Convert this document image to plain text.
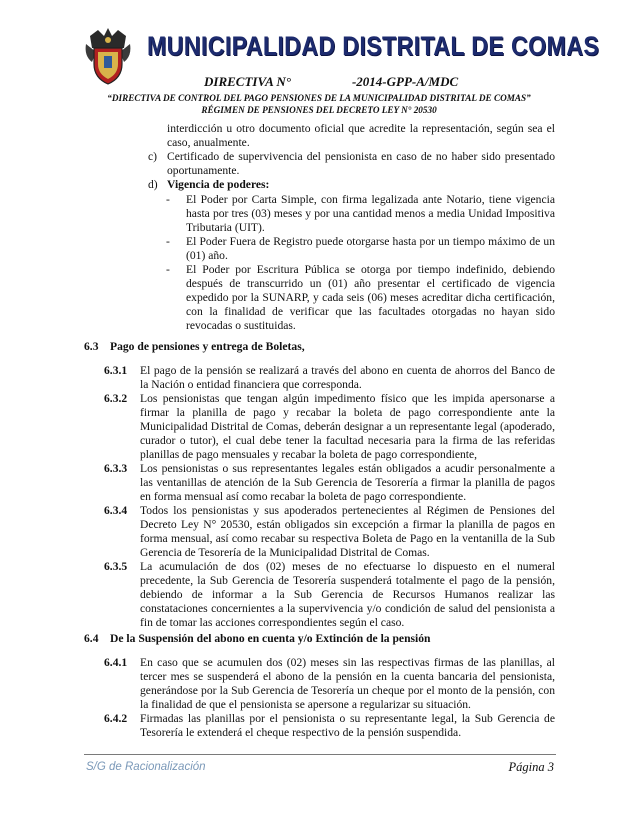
MUNICIPALIDAD DISTRITAL DE COMAS
DIRECTIVA N°	-2014-GPP-A/MDC
“DIRECTIVA DE CONTROL DEL PAGO PENSIONES DE LA MUNICIPALIDAD DISTRITAL DE COMAS”
RÉGIMEN DE PENSIONES DEL DECRETO LEY N° 20530
interdicción u otro documento oficial que acredite la representación, según sea el caso, anualmente.
c) Certificado de supervivencia del pensionista en caso de no haber sido presentado oportunamente.
d) Vigencia de poderes:
- El Poder por Carta Simple, con firma legalizada ante Notario, tiene vigencia hasta por tres (03) meses y por una cantidad menos a media Unidad Impositiva Tributaria (UIT).
- El Poder Fuera de Registro puede otorgarse hasta por un tiempo máximo de un (01) año.
- El Poder por Escritura Pública se otorga por tiempo indefinido, debiendo después de transcurrido un (01) año presentar el certificado de vigencia expedido por la SUNARP, y cada seis (06) meses acreditar dicha certificación, con la finalidad de verificar que las facultades otorgadas no hayan sido revocadas o sustituidas.
6.3 Pago de pensiones y entrega de Boletas,
6.3.1 El pago de la pensión se realizará a través del abono en cuenta de ahorros del Banco de la Nación o entidad financiera que corresponda.
6.3.2 Los pensionistas que tengan algún impedimento físico que les impida apersonarse a firmar la planilla de pago y recabar la boleta de pago correspondiente ante la Municipalidad Distrital de Comas, deberán designar a un representante legal (apoderado, curador o tutor), el cual debe tener la facultad necesaria para la firma de las referidas planillas de pago mensuales y recabar la boleta de pago correspondiente,
6.3.3 Los pensionistas o sus representantes legales están obligados a acudir personalmente a las ventanillas de atención de la Sub Gerencia de Tesorería a firmar la planilla de pagos en forma mensual así como recabar la boleta de pago correspondiente.
6.3.4 Todos los pensionistas y sus apoderados pertenecientes al Régimen de Pensiones del Decreto Ley N° 20530, están obligados sin excepción a firmar la planilla de pagos en forma mensual, así como recabar su respectiva Boleta de Pago en la ventanilla de la Sub Gerencia de Tesorería de la Municipalidad Distrital de Comas.
6.3.5 La acumulación de dos (02) meses de no efectuarse lo dispuesto en el numeral precedente, la Sub Gerencia de Tesorería suspenderá totalmente el pago de la pensión, debiendo de informar a la Sub Gerencia de Recursos Humanos realizar las constataciones concernientes a la supervivencia y/o condición de salud del pensionista a fin de tomar las acciones correspondientes según el caso.
6.4 De la Suspensión del abono en cuenta y/o Extinción de la pensión
6.4.1 En caso que se acumulen dos (02) meses sin las respectivas firmas de las planillas, al tercer mes se suspenderá el abono de la pensión en la cuenta bancaria del pensionista, generándose por la Sub Gerencia de Tesorería un cheque por el monto de la pensión, con la finalidad de que el pensionista se apersone a regularizar su situación.
6.4.2 Firmadas las planillas por el pensionista o su representante legal, la Sub Gerencia de Tesorería le extenderá el cheque respectivo de la pensión suspendida.
S/G de Racionalización	Página 3
